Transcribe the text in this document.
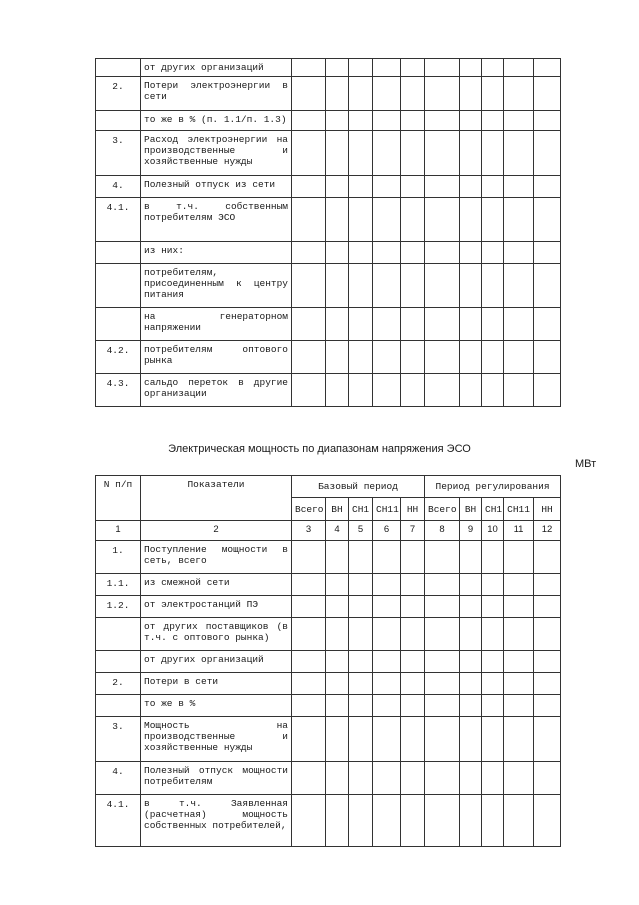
	от других организаций										
2.	Потери электроэнергии в сети										
	то же в % (п. 1.1/п. 1.3)										
3.	Расход электроэнергии на производственные и хозяйственные нужды										
4.	Полезный отпуск из сети										
4.1.	в т.ч. собственным потребителям ЭСО										
	из них:										
	потребителям, присоединенным к центру питания										
	на генераторном напряжении										
4.2.	потребителям оптового рынка										
4.3.	сальдо переток в другие организации										
Электрическая мощность по диапазонам напряжения ЭСО
МВт
N п/п	Показатели	Базовый период					Период регулирования				
		Всего	ВН	СН1	СН11	НН	Всего	ВН	СН1	СН11	НН
1	2	3	4	5	6	7	8	9	10	11	12
1.	Поступление мощности в сеть, всего										
1.1.	из смежной сети										
1.2.	от электростанций ПЭ										
	от других поставщиков (в т.ч. с оптового рынка)										
	от других организаций										
2.	Потери в сети										
	то же в %										
3.	Мощность на производственные и хозяйственные нужды										
4.	Полезный отпуск мощности потребителям										
4.1.	в т.ч. Заявленная (расчетная) мощность собственных потребителей,										
